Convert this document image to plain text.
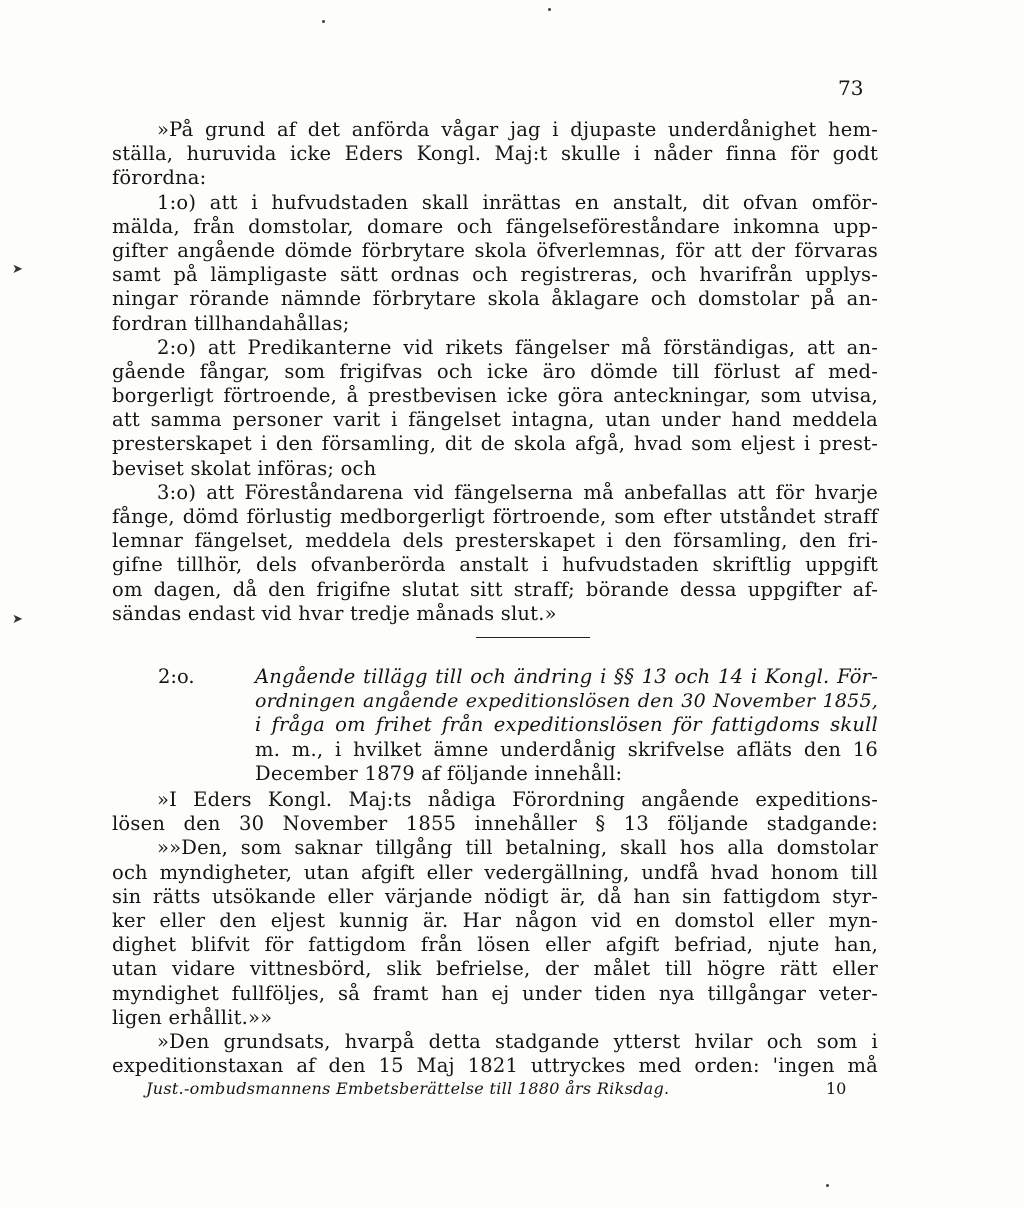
73
➤
➤
»På grund af det anförda vågar jag i djupaste underdånighet hem-
ställa, huruvida icke Eders Kongl. Maj:t skulle i nåder finna för godt
förordna:
1:o) att i hufvudstaden skall inrättas en anstalt, dit ofvan omför-
mälda, från domstolar, domare och fängelseföreståndare inkomna upp-
gifter angående dömde förbrytare skola öfverlemnas, för att der förvaras
samt på lämpligaste sätt ordnas och registreras, och hvarifrån upplys-
ningar rörande nämnde förbrytare skola åklagare och domstolar på an-
fordran tillhandahållas;
2:o) att Predikanterne vid rikets fängelser må förständigas, att an-
gående fångar, som frigifvas och icke äro dömde till förlust af med-
borgerligt förtroende, å prestbevisen icke göra anteckningar, som utvisa,
att samma personer varit i fängelset intagna, utan under hand meddela
presterskapet i den församling, dit de skola afgå, hvad som eljest i prest-
beviset skolat införas; och
3:o) att Föreståndarena vid fängelserna må anbefallas att för hvarje
fånge, dömd förlustig medborgerligt förtroende, som efter utståndet straff
lemnar fängelset, meddela dels presterskapet i den församling, den fri-
gifne tillhör, dels ofvanberörda anstalt i hufvudstaden skriftlig uppgift
om dagen, då den frigifne slutat sitt straff; börande dessa uppgifter af-
sändas endast vid hvar tredje månads slut.»
2:o.	Angående tillägg till och ändring i §§ 13 och 14 i Kongl. För-
ordningen angående expeditionslösen den 30 November 1855,
i fråga om frihet från expeditionslösen för fattigdoms skull
m. m., i hvilket ämne underdånig skrifvelse afläts den 16
December 1879 af följande innehåll:
»I Eders Kongl. Maj:ts nådiga Förordning angående expeditions-
lösen den 30 November 1855 innehåller § 13 följande stadgande:
»»Den, som saknar tillgång till betalning, skall hos alla domstolar
och myndigheter, utan afgift eller vedergällning, undfå hvad honom till
sin rätts utsökande eller värjande nödigt är, då han sin fattigdom styr-
ker eller den eljest kunnig är. Har någon vid en domstol eller myn-
dighet blifvit för fattigdom från lösen eller afgift befriad, njute han,
utan vidare vittnesbörd, slik befrielse, der målet till högre rätt eller
myndighet fullföljes, så framt han ej under tiden nya tillgångar veter-
ligen erhållit.»»
»Den grundsats, hvarpå detta stadgande ytterst hvilar och som i
expeditionstaxan af den 15 Maj 1821 uttryckes med orden: 'ingen må
Just.-ombudsmannens Embetsberättelse till 1880 års Riksdag.	10
